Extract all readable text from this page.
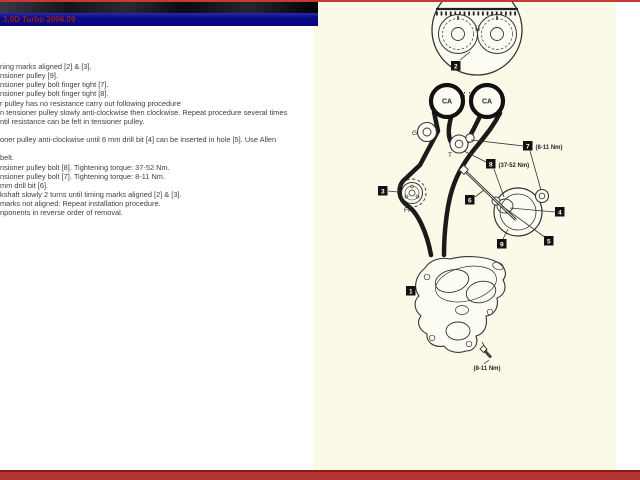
CA	CA
G
T
FP
1
2
3
4
5
6
7
8
9
(8-11 Nm)
(37-52 Nm)
(8-11 Nm)
ning marks aligned [2] & [3].
nsioner pulley [9].
nsioner pulley bolt finger tight [7].
nsioner pulley bolt finger tight [8].
r pulley has no resistance carry out following procedure
n tensioner pulley slowly anti-clockwise then clockwise. Repeat procedure several times
ntil resistance can be felt in tensioner pulley.

oner pulley anti-clockwise until 6 mm drill bit [4] can be inserted in hole [5]. Use Allen

belt.
nsioner pulley bolt [8]. Tightening torque: 37-52 Nm.
nsioner pulley bolt [7]. Tightening torque: 8-11 Nm.
mm drill bit [6].
kshaft slowly 2 turns until timing marks aligned [2] & [3].
marks not aligned: Repeat installation procedure.
nponents in reverse order of removal.
3,0D Turbo 2006.09
